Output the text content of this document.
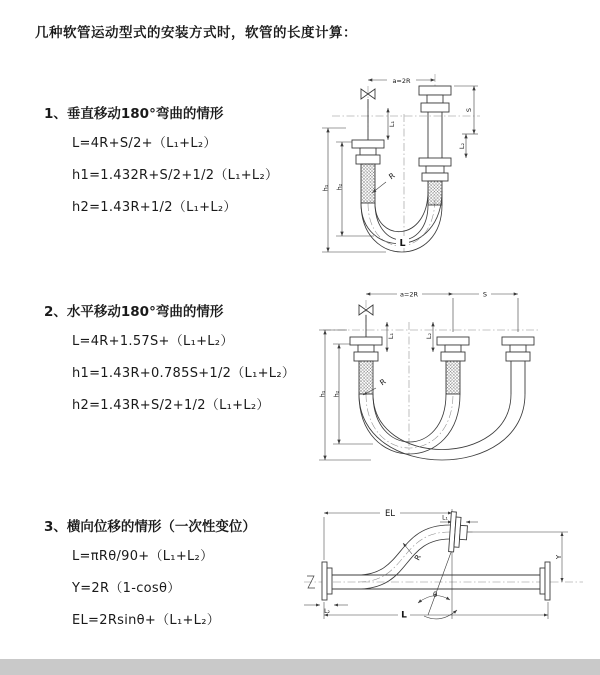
几种软管运动型式的安装方式时，软管的长度计算：
1、垂直移动180°弯曲的情形
L=4R+S/2+（L₁+L₂）
h1=1.432R+S/2+1/2（L₁+L₂）
h2=1.43R+1/2（L₁+L₂）
2、水平移动180°弯曲的情形
L=4R+1.57S+（L₁+L₂）
h1=1.43R+0.785S+1/2（L₁+L₂）
h2=1.43R+S/2+1/2（L₁+L₂）
3、横向位移的情形（一次性变位）
L=πRθ/90+（L₁+L₂）
Y=2R（1-cosθ）
EL=2Rsinθ+（L₁+L₂）
a=2R
L₁
S
L₂
h₁ h₂
R
L
a=2R	S
L₁	L₂
h₁ h₂
R
EL	L₁
R
θ
Y
L
L₂
